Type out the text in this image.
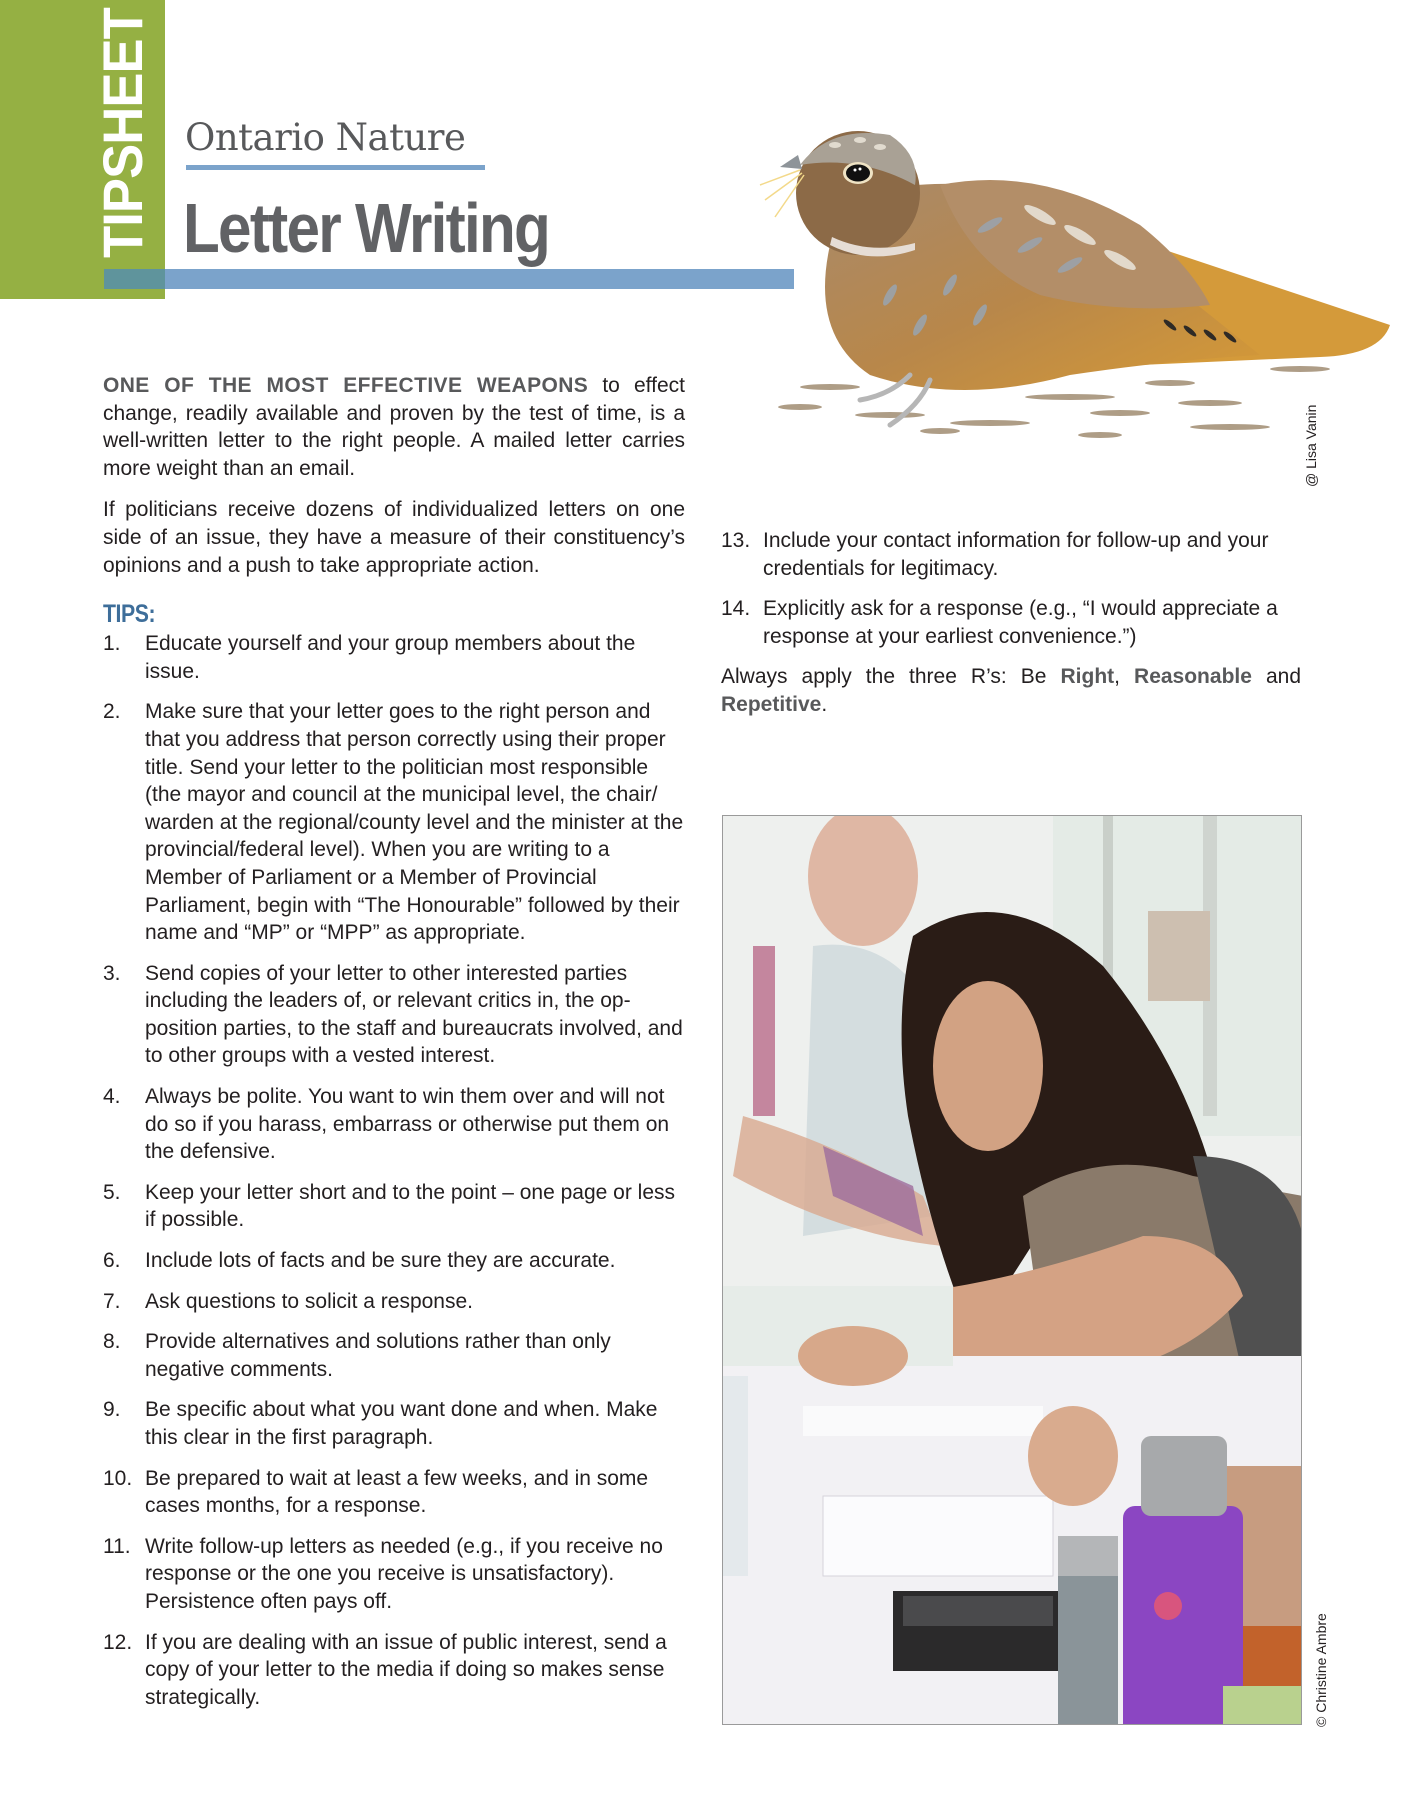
TIPSHEET Ontario Nature
Letter Writing
@ Lisa Vanin

ONE OF THE MOST EFFECTIVE WEAPONS to effect change, readily available and proven by the test of time, is a well-written letter to the right people. A mailed letter carries more weight than an email.

If politicians receive dozens of individualized letters on one side of an issue, they have a measure of their constituency’s opinions and a push to take appropriate action.

TIPS:
1.	Educate yourself and your group members about the issue.
2.	Make sure that your letter goes to the right person and that you address that person correctly using their proper title. Send your letter to the politician most responsible (the mayor and council at the municipal level, the chair/ warden at the regional/county level and the minister at the provincial/federal level). When you are writing to a Member of Parliament or a Member of Provincial Parliament, begin with “The Honourable” followed by their name and “MP” or “MPP” as appropriate.
3.	Send copies of your letter to other interested parties including the leaders of, or relevant critics in, the op-position parties, to the staff and bureaucrats involved, and to other groups with a vested interest.
4.	Always be polite. You want to win them over and will not do so if you harass, embarrass or otherwise put them on the defensive.
5.	Keep your letter short and to the point – one page or less if possible.
6.	Include lots of facts and be sure they are accurate.
7.	Ask questions to solicit a response.
8.	Provide alternatives and solutions rather than only negative comments.
9.	Be specific about what you want done and when. Make this clear in the first paragraph.
10. Be prepared to wait at least a few weeks, and in some cases months, for a response.
11. Write follow-up letters as needed (e.g., if you receive no response or the one you receive is unsatisfactory). Persistence often pays off.
12. If you are dealing with an issue of public interest, send a copy of your letter to the media if doing so makes sense strategically.
13. Include your contact information for follow-up and your credentials for legitimacy.
14. Explicitly ask for a response (e.g., “I would appreciate a response at your earliest convenience.”)

Always apply the three R’s: Be Right, Reasonable and Repetitive.

© Christine Ambre
